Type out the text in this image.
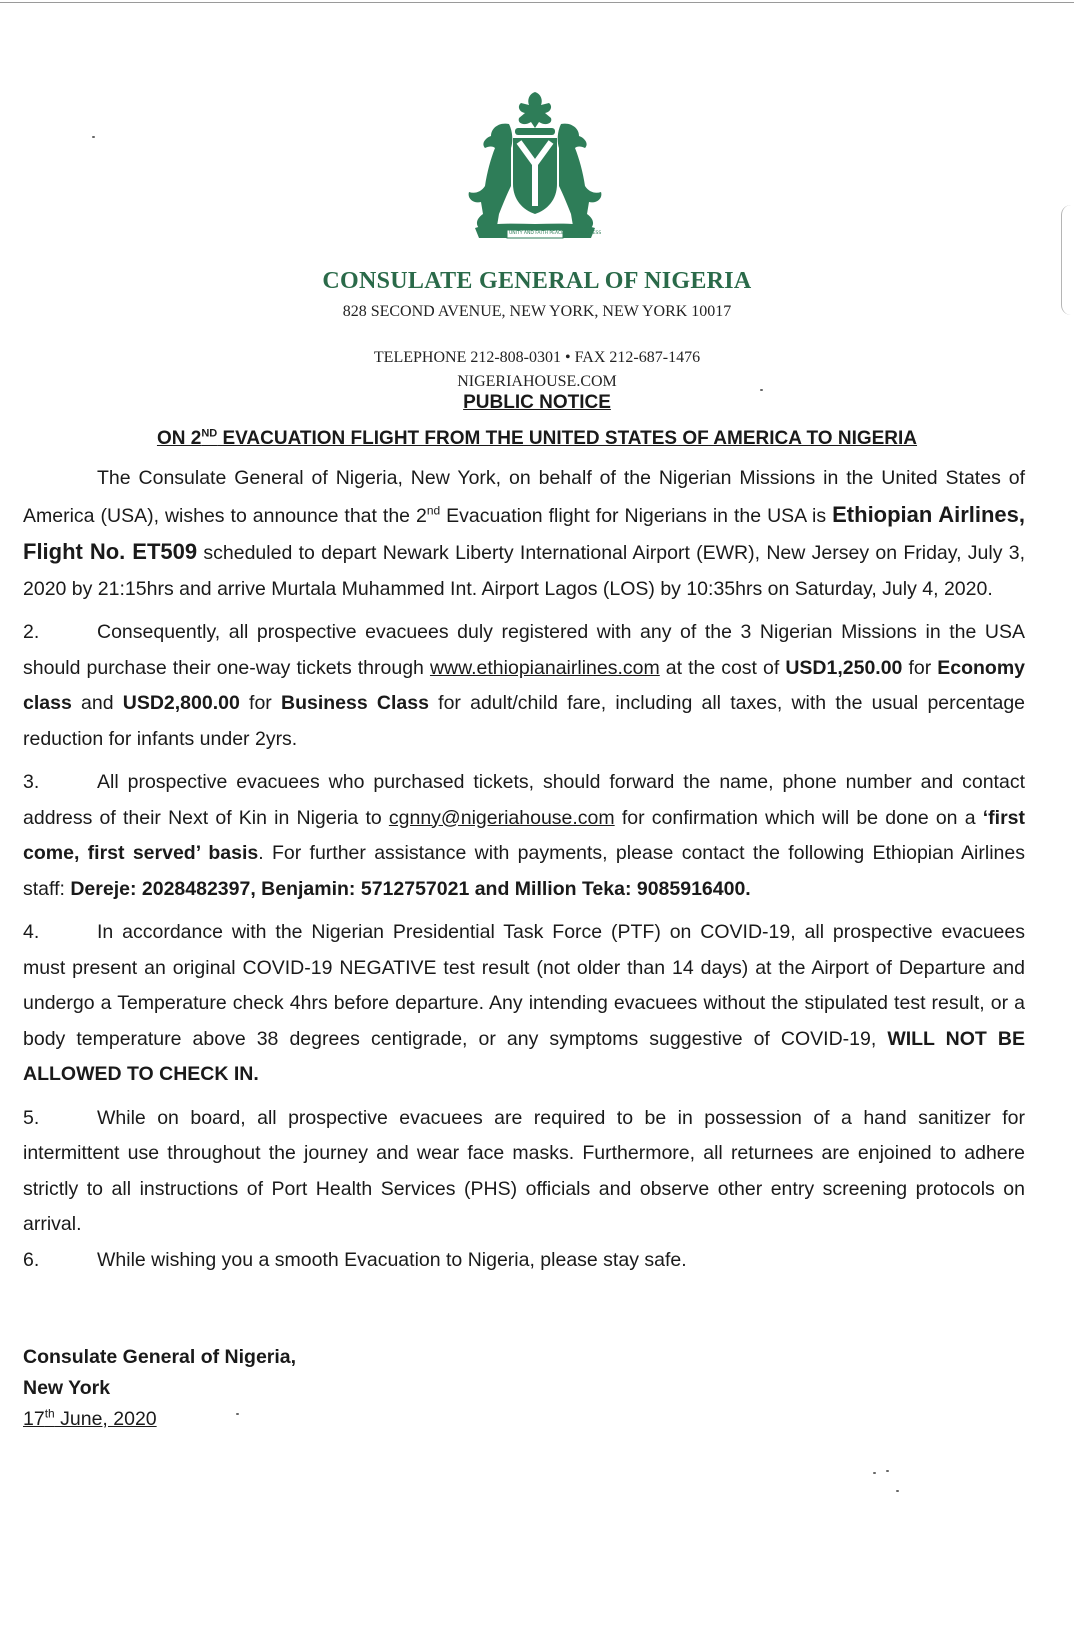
UNITY AND FAITH PEACE AND PROGRESS
CONSULATE GENERAL OF NIGERIA
828 SECOND AVENUE, NEW YORK, NEW YORK 10017
TELEPHONE 212-808-0301 • FAX 212-687-1476
NIGERIAHOUSE.COM
PUBLIC NOTICE
ON 2ND EVACUATION FLIGHT FROM THE UNITED STATES OF AMERICA TO NIGERIA

The Consulate General of Nigeria, New York, on behalf of the Nigerian Missions in the United States of America (USA), wishes to announce that the 2nd Evacuation flight for Nigerians in the USA is Ethiopian Airlines, Flight No. ET509 scheduled to depart Newark Liberty International Airport (EWR), New Jersey on Friday, July 3, 2020 by 21:15hrs and arrive Murtala Muhammed Int. Airport Lagos (LOS) by 10:35hrs on Saturday, July 4, 2020.

2.	Consequently, all prospective evacuees duly registered with any of the 3 Nigerian Missions in the USA should purchase their one-way tickets through www.ethiopianairlines.com at the cost of USD1,250.00 for Economy class and USD2,800.00 for Business Class for adult/child fare, including all taxes, with the usual percentage reduction for infants under 2yrs.

3.	All prospective evacuees who purchased tickets, should forward the name, phone number and contact address of their Next of Kin in Nigeria to cgnny@nigeriahouse.com for confirmation which will be done on a ‘first come, first served’ basis. For further assistance with payments, please contact the following Ethiopian Airlines staff: Dereje: 2028482397, Benjamin: 5712757021 and Million Teka: 9085916400.

4.	In accordance with the Nigerian Presidential Task Force (PTF) on COVID-19, all prospective evacuees must present an original COVID-19 NEGATIVE test result (not older than 14 days) at the Airport of Departure and undergo a Temperature check 4hrs before departure. Any intending evacuees without the stipulated test result, or a body temperature above 38 degrees centigrade, or any symptoms suggestive of COVID-19, WILL NOT BE ALLOWED TO CHECK IN.

5.	While on board, all prospective evacuees are required to be in possession of a hand sanitizer for intermittent use throughout the journey and wear face masks. Furthermore, all returnees are enjoined to adhere strictly to all instructions of Port Health Services (PHS) officials and observe other entry screening protocols on arrival.

6.	While wishing you a smooth Evacuation to Nigeria, please stay safe.

Consulate General of Nigeria,
New York
17th June, 2020
